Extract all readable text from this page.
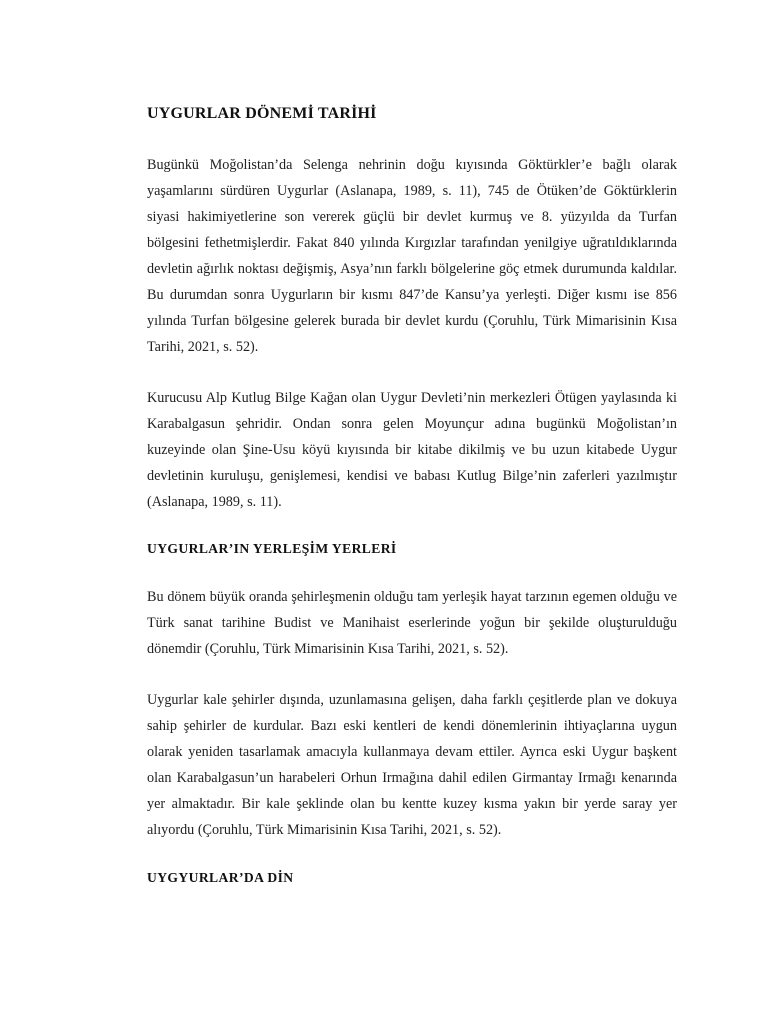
UYGURLAR DÖNEMİ TARİHİ

Bugünkü Moğolistan’da Selenga nehrinin doğu kıyısında Göktürkler’e bağlı olarak yaşamlarını sürdüren Uygurlar (Aslanapa, 1989, s. 11), 745 de Ötüken’de Göktürklerin siyasi hakimiyetlerine son vererek güçlü bir devlet kurmuş ve 8. yüzyılda da Turfan bölgesini fethetmişlerdir. Fakat 840 yılında Kırgızlar tarafından yenilgiye uğratıldıklarında devletin ağırlık noktası değişmiş, Asya’nın farklı bölgelerine göç etmek durumunda kaldılar. Bu durumdan sonra Uygurların bir kısmı 847’de Kansu’ya yerleşti. Diğer kısmı ise 856 yılında Turfan bölgesine gelerek burada bir devlet kurdu (Çoruhlu, Türk Mimarisinin Kısa Tarihi, 2021, s. 52).

Kurucusu Alp Kutlug Bilge Kağan olan Uygur Devleti’nin merkezleri Ötügen yaylasında ki Karabalgasun şehridir. Ondan sonra gelen Moyunçur adına bugünkü Moğolistan’ın kuzeyinde olan Şine-Usu köyü kıyısında bir kitabe dikilmiş ve bu uzun kitabede Uygur devletinin kuruluşu, genişlemesi, kendisi ve babası Kutlug Bilge’nin zaferleri yazılmıştır (Aslanapa, 1989, s. 11).

UYGURLAR’IN YERLEŞİM YERLERİ

Bu dönem büyük oranda şehirleşmenin olduğu tam yerleşik hayat tarzının egemen olduğu ve Türk sanat tarihine Budist ve Manihaist eserlerinde yoğun bir şekilde oluşturulduğu dönemdir (Çoruhlu, Türk Mimarisinin Kısa Tarihi, 2021, s. 52).

Uygurlar kale şehirler dışında, uzunlamasına gelişen, daha farklı çeşitlerde plan ve dokuya sahip şehirler de kurdular. Bazı eski kentleri de kendi dönemlerinin ihtiyaçlarına uygun olarak yeniden tasarlamak amacıyla kullanmaya devam ettiler. Ayrıca eski Uygur başkent olan Karabalgasun’un harabeleri Orhun Irmağına dahil edilen Girmantay Irmağı kenarında yer almaktadır. Bir kale şeklinde olan bu kentte kuzey kısma yakın bir yerde saray yer alıyordu (Çoruhlu, Türk Mimarisinin Kısa Tarihi, 2021, s. 52).

UYGYURLAR’DA DİN
